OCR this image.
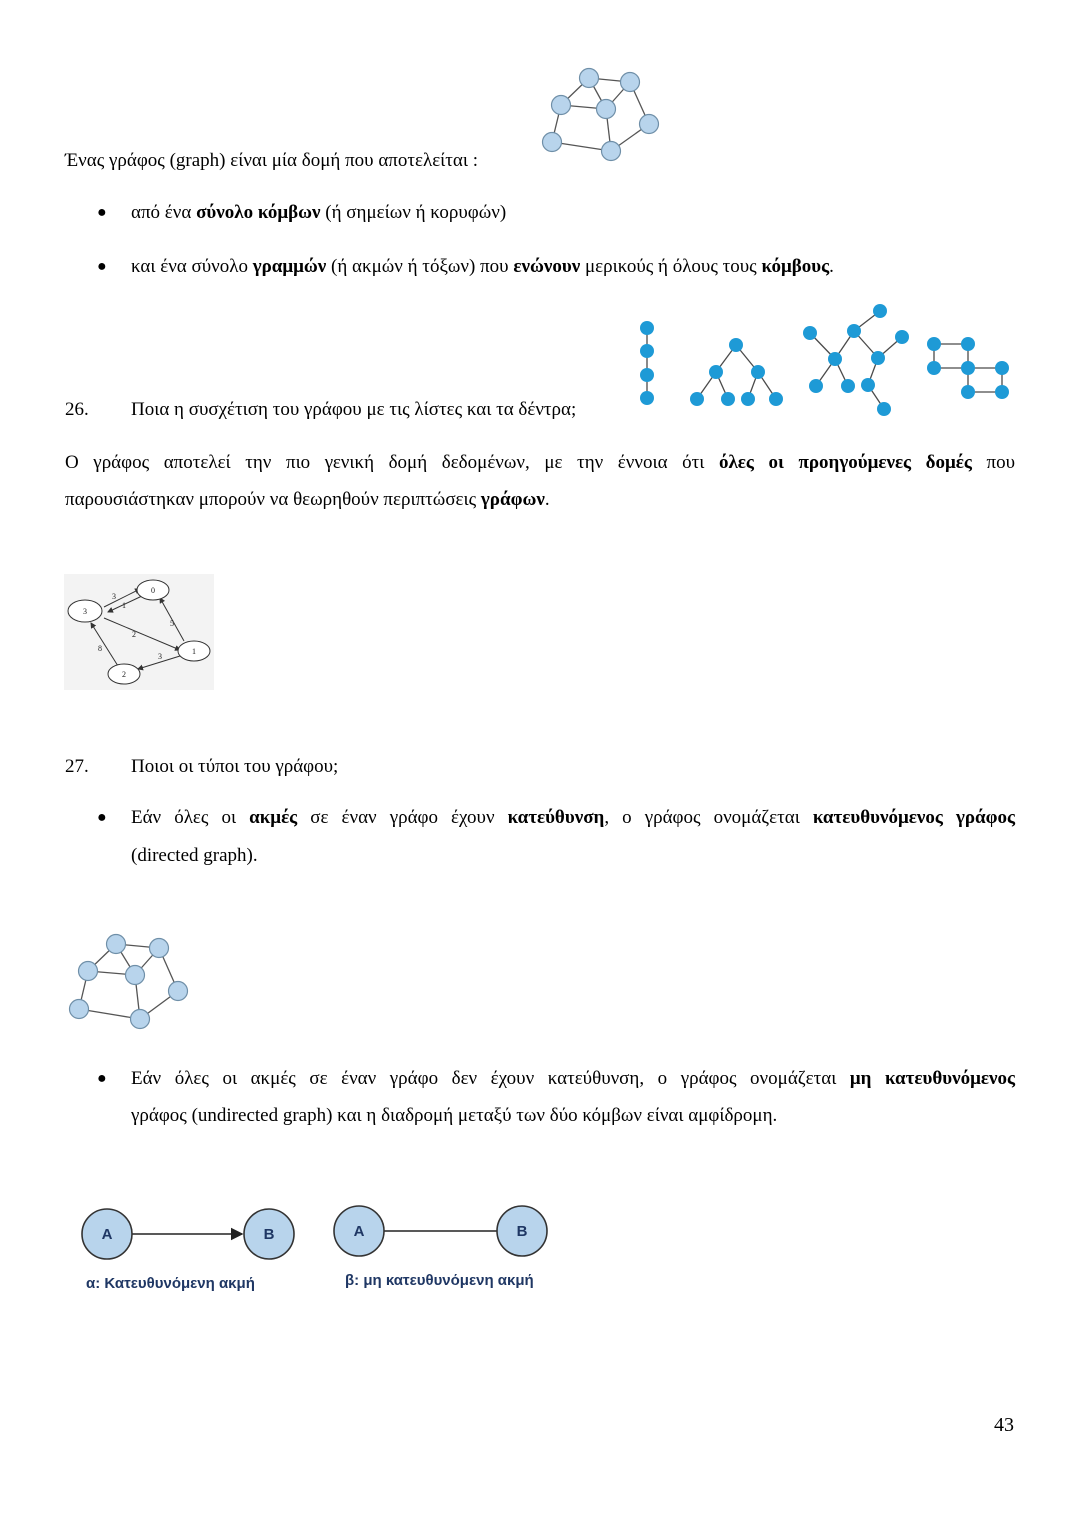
Ένας γράφος (graph) είναι μία δομή που αποτελείται :
● από ένα σύνολο κόμβων (ή σημείων ή κορυφών)
● και ένα σύνολο γραμμών (ή ακμών ή τόξων) που ενώνουν μερικούς ή όλους τους κόμβους.
26. Ποια η συσχέτιση του γράφου με τις λίστες και τα δέντρα;
Ο γράφος αποτελεί την πιο γενική δομή δεδομένων, με την έννοια ότι όλες οι προηγούμενες δομές που
παρουσιάστηκαν μπορούν να θεωρηθούν περιπτώσεις γράφων.
0
3
1
2
3
1
2
5
8
3
27. Ποιοι οι τύποι του γράφου;
● Εάν όλες οι ακμές σε έναν γράφο έχουν κατεύθυνση, ο γράφος ονομάζεται κατευθυνόμενος γράφος
(directed graph).
● Εάν όλες οι ακμές σε έναν γράφο δεν έχουν κατεύθυνση, ο γράφος ονομάζεται μη κατευθυνόμενος
γράφος (undirected graph) και η διαδρομή μεταξύ των δύο κόμβων είναι αμφίδρομη.
A	B	A	B
α: Κατευθυνόμενη ακμή	β: μη κατευθυνόμενη ακμή
43
